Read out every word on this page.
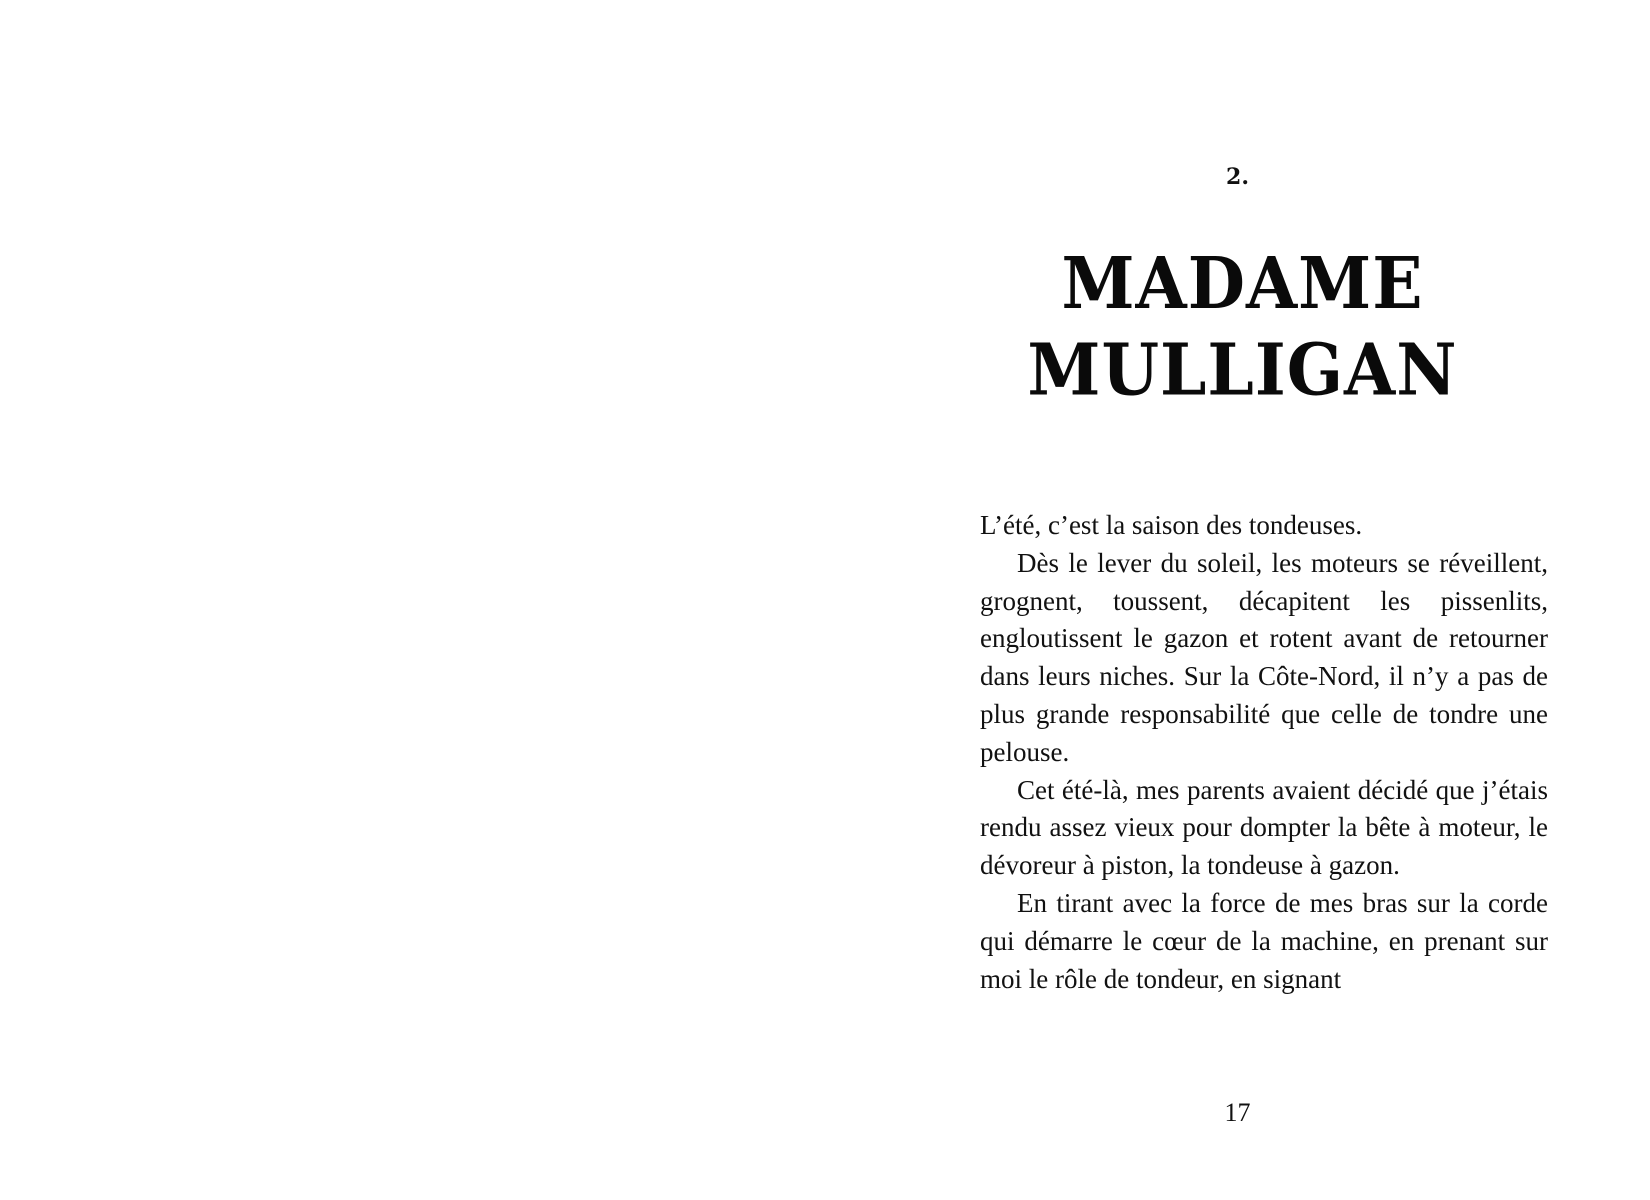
2.
MADAME
MULLIGAN

L’été, c’est la saison des tondeuses.

Dès le lever du soleil, les moteurs se réveillent, grognent, toussent, décapitent les pissenlits, engloutissent le gazon et rotent avant de retourner dans leurs niches. Sur la Côte-Nord, il n’y a pas de plus grande responsabilité que celle de tondre une pelouse.

Cet été-là, mes parents avaient décidé que j’étais rendu assez vieux pour dompter la bête à moteur, le dévoreur à piston, la tondeuse à gazon.

En tirant avec la force de mes bras sur la corde qui démarre le cœur de la machine, en prenant sur moi le rôle de tondeur, en signant

17
